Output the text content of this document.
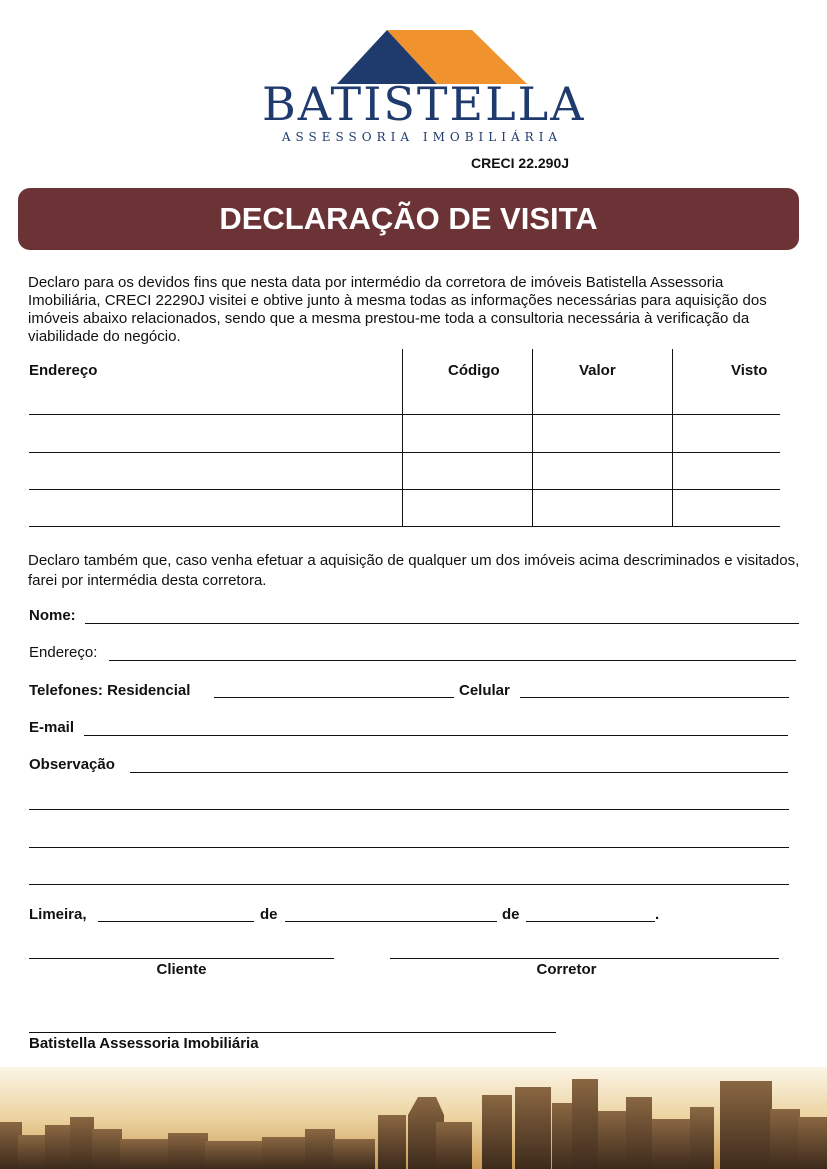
BATISTELLA
ASSESSORIA IMOBILIÁRIA
CRECI 22.290J
DECLARAÇÃO DE VISITA
Declaro para os devidos fins que nesta data por intermédio da corretora de imóveis Batistella Assessoria Imobiliária, CRECI 22290J visitei e obtive junto à mesma todas as informações necessárias para aquisição dos imóveis abaixo relacionados, sendo que a mesma prestou-me toda a consultoria necessária à verificação da viabilidade do negócio.
Endereço	Código	Valor	Visto
Declaro também que, caso venha efetuar a aquisição de qualquer um dos imóveis acima descriminados e visitados, farei por intermédia desta corretora.
Nome:
Endereço:
Telefones: Residencial	Celular
E-mail
Observação
Limeira,	de	de	.
Cliente	Corretor
Batistella Assessoria Imobiliária
